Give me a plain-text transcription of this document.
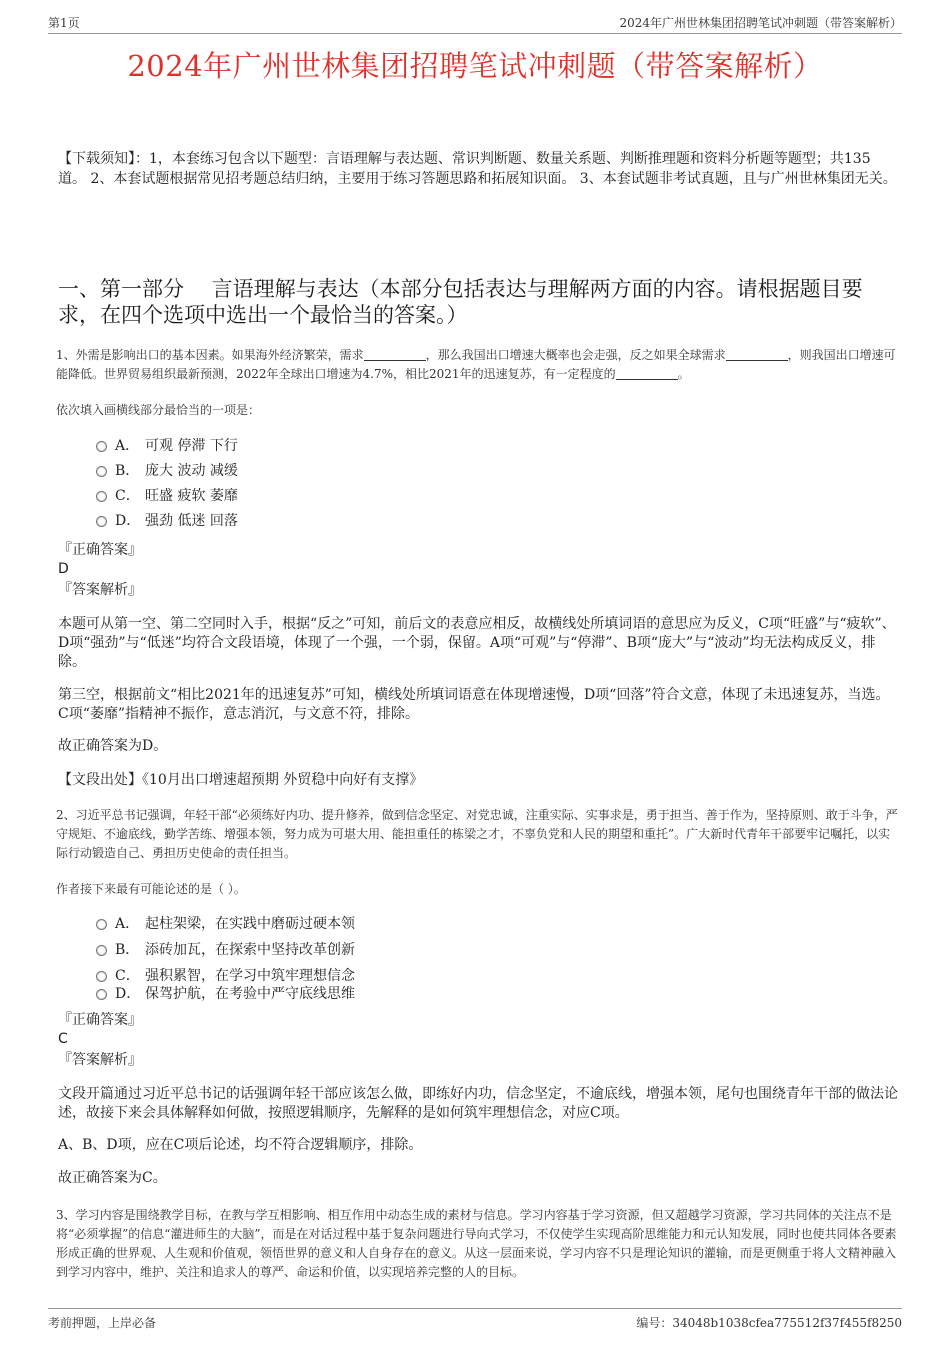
第1页	2024年广州世林集团招聘笔试冲刺题（带答案解析）
2024年广州世林集团招聘笔试冲刺题（带答案解析）
【下载须知】：1，本套练习包含以下题型：言语理解与表达题、常识判断题、数量关系题、判断推理题和资料分析题等题型；共135道。 2、本套试题根据常见招考题总结归纳，主要用于练习答题思路和拓展知识面。 3、本套试题非考试真题，且与广州世林集团无关。
一、第一部分　 言语理解与表达（本部分包括表达与理解两方面的内容。请根据题目要求，在四个选项中选出一个最恰当的答案。）
1、外需是影响出口的基本因素。如果海外经济繁荣，需求	，那么我国出口增速大概率也会走强，反之如果全球需求	，则我国出口增速可能降低。世界贸易组织最新预测，2022年全球出口增速为4.7%，相比2021年的迅速复苏，有一定程度的	。
依次填入画横线部分最恰当的一项是：
A． 可观 停滞 下行
B． 庞大 波动 减缓
C． 旺盛 疲软 萎靡
D． 强劲 低迷 回落
『正确答案』
D
『答案解析』
本题可从第一空、第二空同时入手，根据“反之”可知，前后文的表意应相反，故横线处所填词语的意思应为反义，C项“旺盛”与“疲软”、D项“强劲”与“低迷”均符合文段语境，体现了一个强，一个弱，保留。A项“可观”与“停滞”、B项“庞大”与“波动”均无法构成反义，排除。
第三空，根据前文“相比2021年的迅速复苏”可知，横线处所填词语意在体现增速慢，D项“回落”符合文意，体现了未迅速复苏，当选。C项“萎靡”指精神不振作，意志消沉，与文意不符，排除。
故正确答案为D。
【文段出处】《10月出口增速超预期 外贸稳中向好有支撑》
2、习近平总书记强调，年轻干部“必须练好内功、提升修养，做到信念坚定、对党忠诚，注重实际、实事求是，勇于担当、善于作为，坚持原则、敢于斗争，严守规矩、不逾底线，勤学苦练、增强本领，努力成为可堪大用、能担重任的栋梁之才，不辜负党和人民的期望和重托”。广大新时代青年干部要牢记嘱托，以实际行动锻造自己、勇担历史使命的责任担当。
作者接下来最有可能论述的是（ ）。
A． 起柱架梁，在实践中磨砺过硬本领
B． 添砖加瓦，在探索中坚持改革创新
C． 强积累智，在学习中筑牢理想信念
D． 保驾护航，在考验中严守底线思维
『正确答案』
C
『答案解析』
文段开篇通过习近平总书记的话强调年轻干部应该怎么做，即练好内功，信念坚定，不逾底线，增强本领，尾句也围绕青年干部的做法论述，故接下来会具体解释如何做，按照逻辑顺序，先解释的是如何筑牢理想信念，对应C项。
A、B、D项，应在C项后论述，均不符合逻辑顺序，排除。
故正确答案为C。
3、学习内容是围绕教学目标，在教与学互相影响、相互作用中动态生成的素材与信息。学习内容基于学习资源，但又超越学习资源，学习共同体的关注点不是将“必须掌握”的信息“灌进师生的大脑”，而是在对话过程中基于复杂问题进行导向式学习，不仅使学生实现高阶思维能力和元认知发展，同时也使共同体各要素形成正确的世界观、人生观和价值观，领悟世界的意义和人自身存在的意义。从这一层面来说，学习内容不只是理论知识的灌输，而是更侧重于将人文精神融入到学习内容中，维护、关注和追求人的尊严、命运和价值，以实现培养完整的人的目标。
考前押题，上岸必备	编号：34048b1038cfea775512f37f455f8250
